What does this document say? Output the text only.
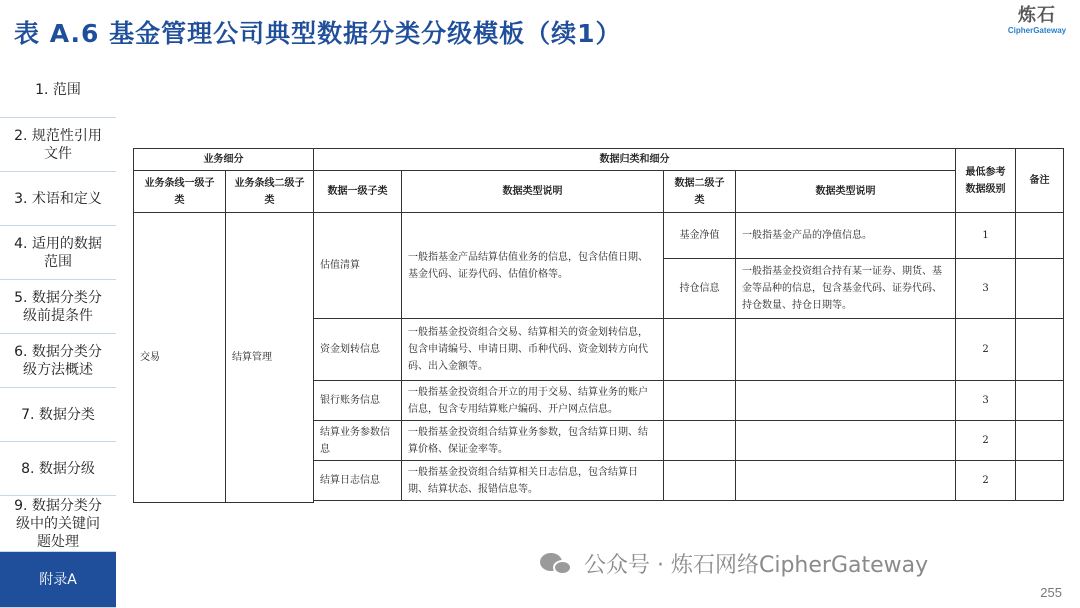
表 A.6 基金管理公司典型数据分类分级模板（续1）
炼石
CipherGateway
1. 范围
2. 规范性引用文件
3. 术语和定义
4. 适用的数据范围
5. 数据分类分级前提条件
6. 数据分类分级方法概述
7. 数据分类
8. 数据分级
9. 数据分类分级中的关键问题处理
附录A
业务细分		数据归类和细分				最低参考数据级别	备注
业务条线一级子类	业务条线二级子类	数据一级子类	数据类型说明	数据二级子类	数据类型说明		
交易	结算管理	估值清算	一般指基金产品结算估值业务的信息，包含估值日期、基金代码、证券代码、估值价格等。	基金净值	一般指基金产品的净值信息。	1	
				持仓信息	一般指基金投资组合持有某一证券、期货、基金等品种的信息，包含基金代码、证券代码、持仓数量、持仓日期等。	3	
		资金划转信息	一般指基金投资组合交易、结算相关的资金划转信息，包含申请编号、申请日期、币种代码、资金划转方向代码、出入金额等。			2	
		银行账务信息	一般指基金投资组合开立的用于交易、结算业务的账户信息，包含专用结算账户编码、开户网点信息。			3	
		结算业务参数信息	一般指基金投资组合结算业务参数，包含结算日期、结算价格、保证金率等。			2	
		结算日志信息	一般指基金投资组合结算相关日志信息，包含结算日期、结算状态、报错信息等。			2	

公众号 · 炼石网络CipherGateway
255
